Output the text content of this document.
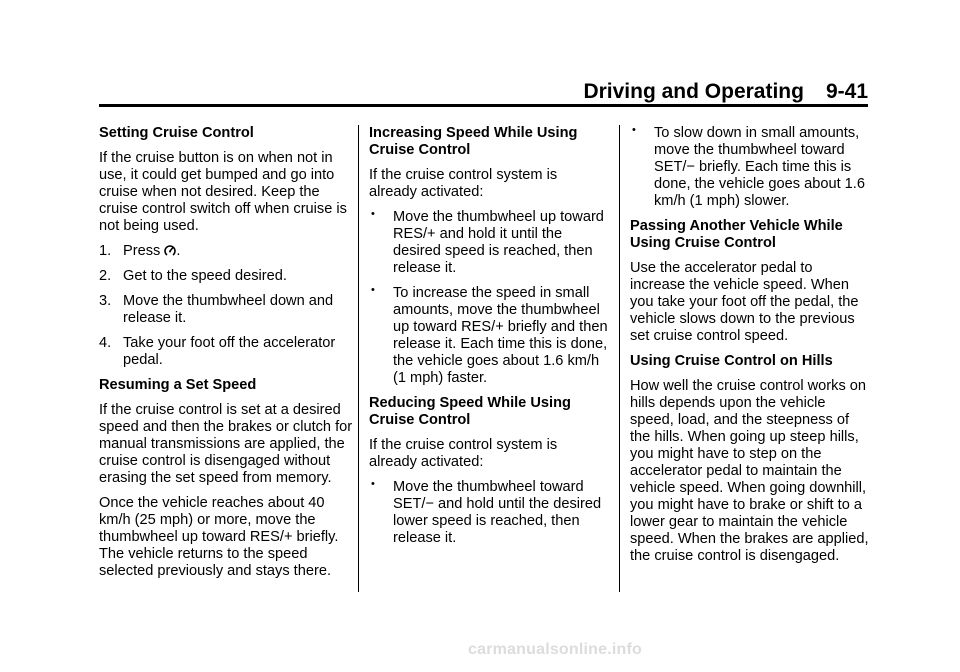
Driving and Operating 9-41
Setting Cruise Control

If the cruise button is on when not in use, it could get bumped and go into cruise when not desired. Keep the cruise control switch off when cruise is not being used.

1. Press .
2. Get to the speed desired.
3. Move the thumbwheel down and release it.
4. Take your foot off the accelerator pedal.
Resuming a Set Speed

If the cruise control is set at a desired speed and then the brakes or clutch for manual transmissions are applied, the cruise control is disengaged without erasing the set speed from memory.

Once the vehicle reaches about 40 km/h (25 mph) or more, move the thumbwheel up toward RES/+ briefly. The vehicle returns to the speed selected previously and stays there.

Increasing Speed While Using Cruise Control

If the cruise control system is already activated:

• Move the thumbwheel up toward RES/+ and hold it until the desired speed is reached, then release it.
• To increase the speed in small amounts, move the thumbwheel up toward RES/+ briefly and then release it. Each time this is done, the vehicle goes about 1.6 km/h (1 mph) faster.
Reducing Speed While Using Cruise Control

If the cruise control system is already activated:

• Move the thumbwheel toward SET/− and hold until the desired lower speed is reached, then release it.
• To slow down in small amounts, move the thumbwheel toward SET/− briefly. Each time this is done, the vehicle goes about 1.6 km/h (1 mph) slower.
Passing Another Vehicle While Using Cruise Control

Use the accelerator pedal to increase the vehicle speed. When you take your foot off the pedal, the vehicle slows down to the previous set cruise control speed.

Using Cruise Control on Hills

How well the cruise control works on hills depends upon the vehicle speed, load, and the steepness of the hills. When going up steep hills, you might have to step on the accelerator pedal to maintain the vehicle speed. When going downhill, you might have to brake or shift to a lower gear to maintain the vehicle speed. When the brakes are applied, the cruise control is disengaged.

carmanualsonline.info
